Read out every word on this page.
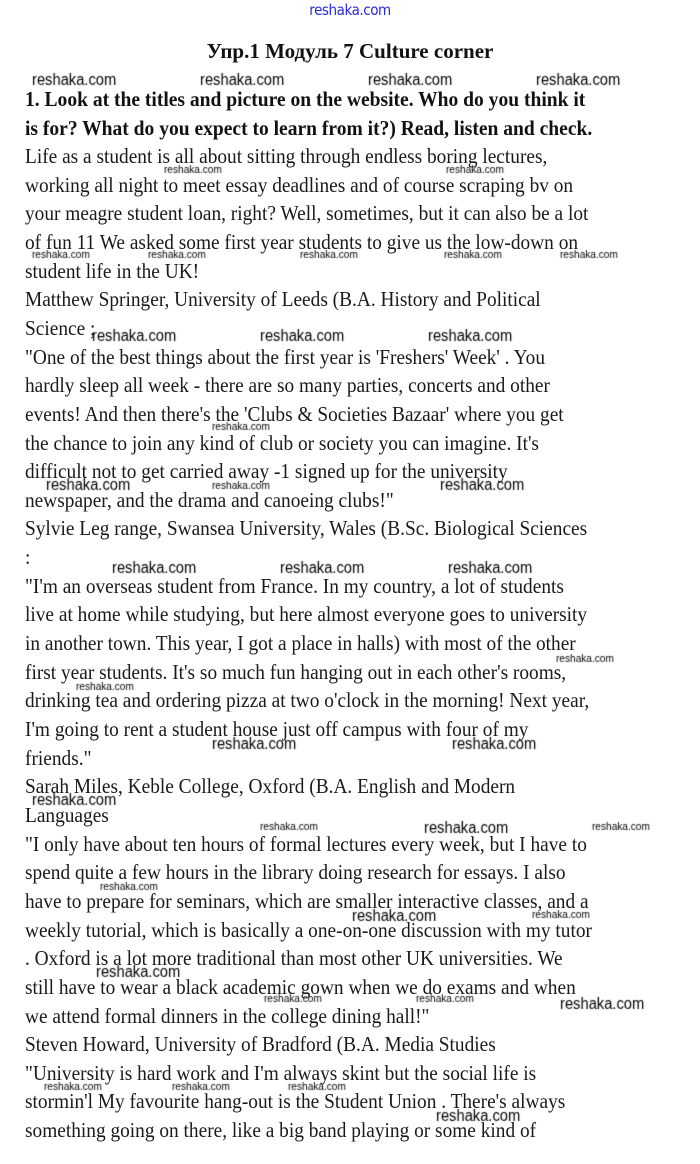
reshaka.com
Упр.1 Модуль 7 Culture corner
1. Look at the titles and picture on the website. Who do you think it
is for? What do you expect to learn from it?) Read, listen and check.
Life as a student is all about sitting through endless boring lectures,
working all night to meet essay deadlines and of course scraping bv on
your meagre student loan, right? Well, sometimes, but it can also be a lot
of fun 11 We asked some first year students to give us the low-down on
student life in the UK!
Matthew Springer, University of Leeds (B.A. History and Political
Science ;
"One of the best things about the first year is 'Freshers' Week' . You
hardly sleep all week - there are so many parties, concerts and other
events! And then there's the 'Clubs & Societies Bazaar' where you get
the chance to join any kind of club or society you can imagine. It's
difficult not to get carried away -1 signed up for the university
newspaper, and the drama and canoeing clubs!"
Sylvie Leg range, Swansea University, Wales (B.Sc. Biological Sciences
:
"I'm an overseas student from France. In my country, a lot of students
live at home while studying, but here almost everyone goes to university
in another town. This year, I got a place in halls) with most of the other
first year students. It's so much fun hanging out in each other's rooms,
drinking tea and ordering pizza at two o'clock in the morning! Next year,
I'm going to rent a student house just off campus with four of my
friends."
Sarah Miles, Keble College, Oxford (B.A. English and Modern
Languages
"I only have about ten hours of formal lectures every week, but I have to
spend quite a few hours in the library doing research for essays. I also
have to prepare for seminars, which are smaller interactive classes, and a
weekly tutorial, which is basically a one-on-one discussion with my tutor
. Oxford is a lot more traditional than most other UK universities. We
still have to wear a black academic gown when we do exams and when
we attend formal dinners in the college dining hall!"
Steven Howard, University of Bradford (B.A. Media Studies
"University is hard work and I'm always skint but the social life is
stormin'l My favourite hang-out is the Student Union . There's always
something going on there, like a big band playing or some kind of
